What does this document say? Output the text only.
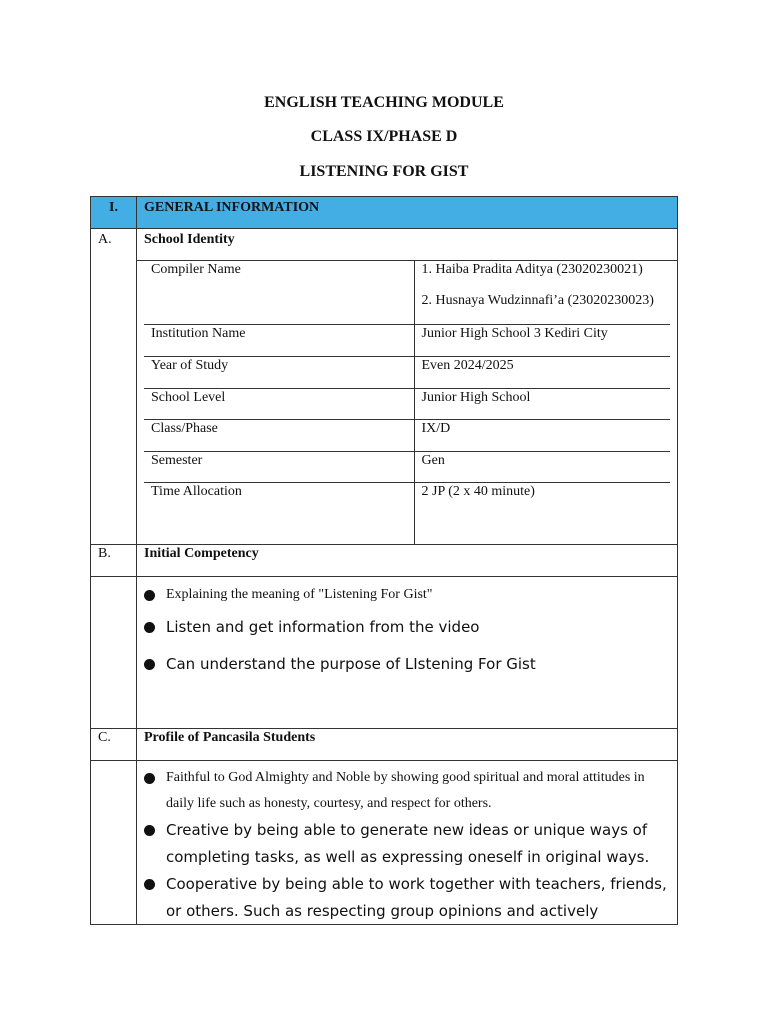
ENGLISH TEACHING MODULE
CLASS IX/PHASE D
LISTENING FOR GIST
I.	GENERAL INFORMATION
A.	School Identity

Compiler Name	1. Haiba Pradita Aditya (23020230021)
2. Husnaya Wudzinnafi’a (23020230023)

Institution Name	Junior High School 3 Kediri City
Year of Study	Even 2024/2025
School Level	Junior High School
Class/Phase	IX/D
Semester	Gen
Time Allocation	2 JP (2 x 40 minute)

B.	Initial Competency

Explaining the meaning of "Listening For Gist"
Listen and get information from the video
Can understand the purpose of LIstening For Gist

C.	Profile of Pancasila Students

Faithful to God Almighty and Noble by showing good spiritual and moral attitudes in daily life such as honesty, courtesy, and respect for others.
Creative by being able to generate new ideas or unique ways of completing tasks, as well as expressing oneself in original ways.
Cooperative by being able to work together with teachers, friends, or others. Such as respecting group opinions and actively
